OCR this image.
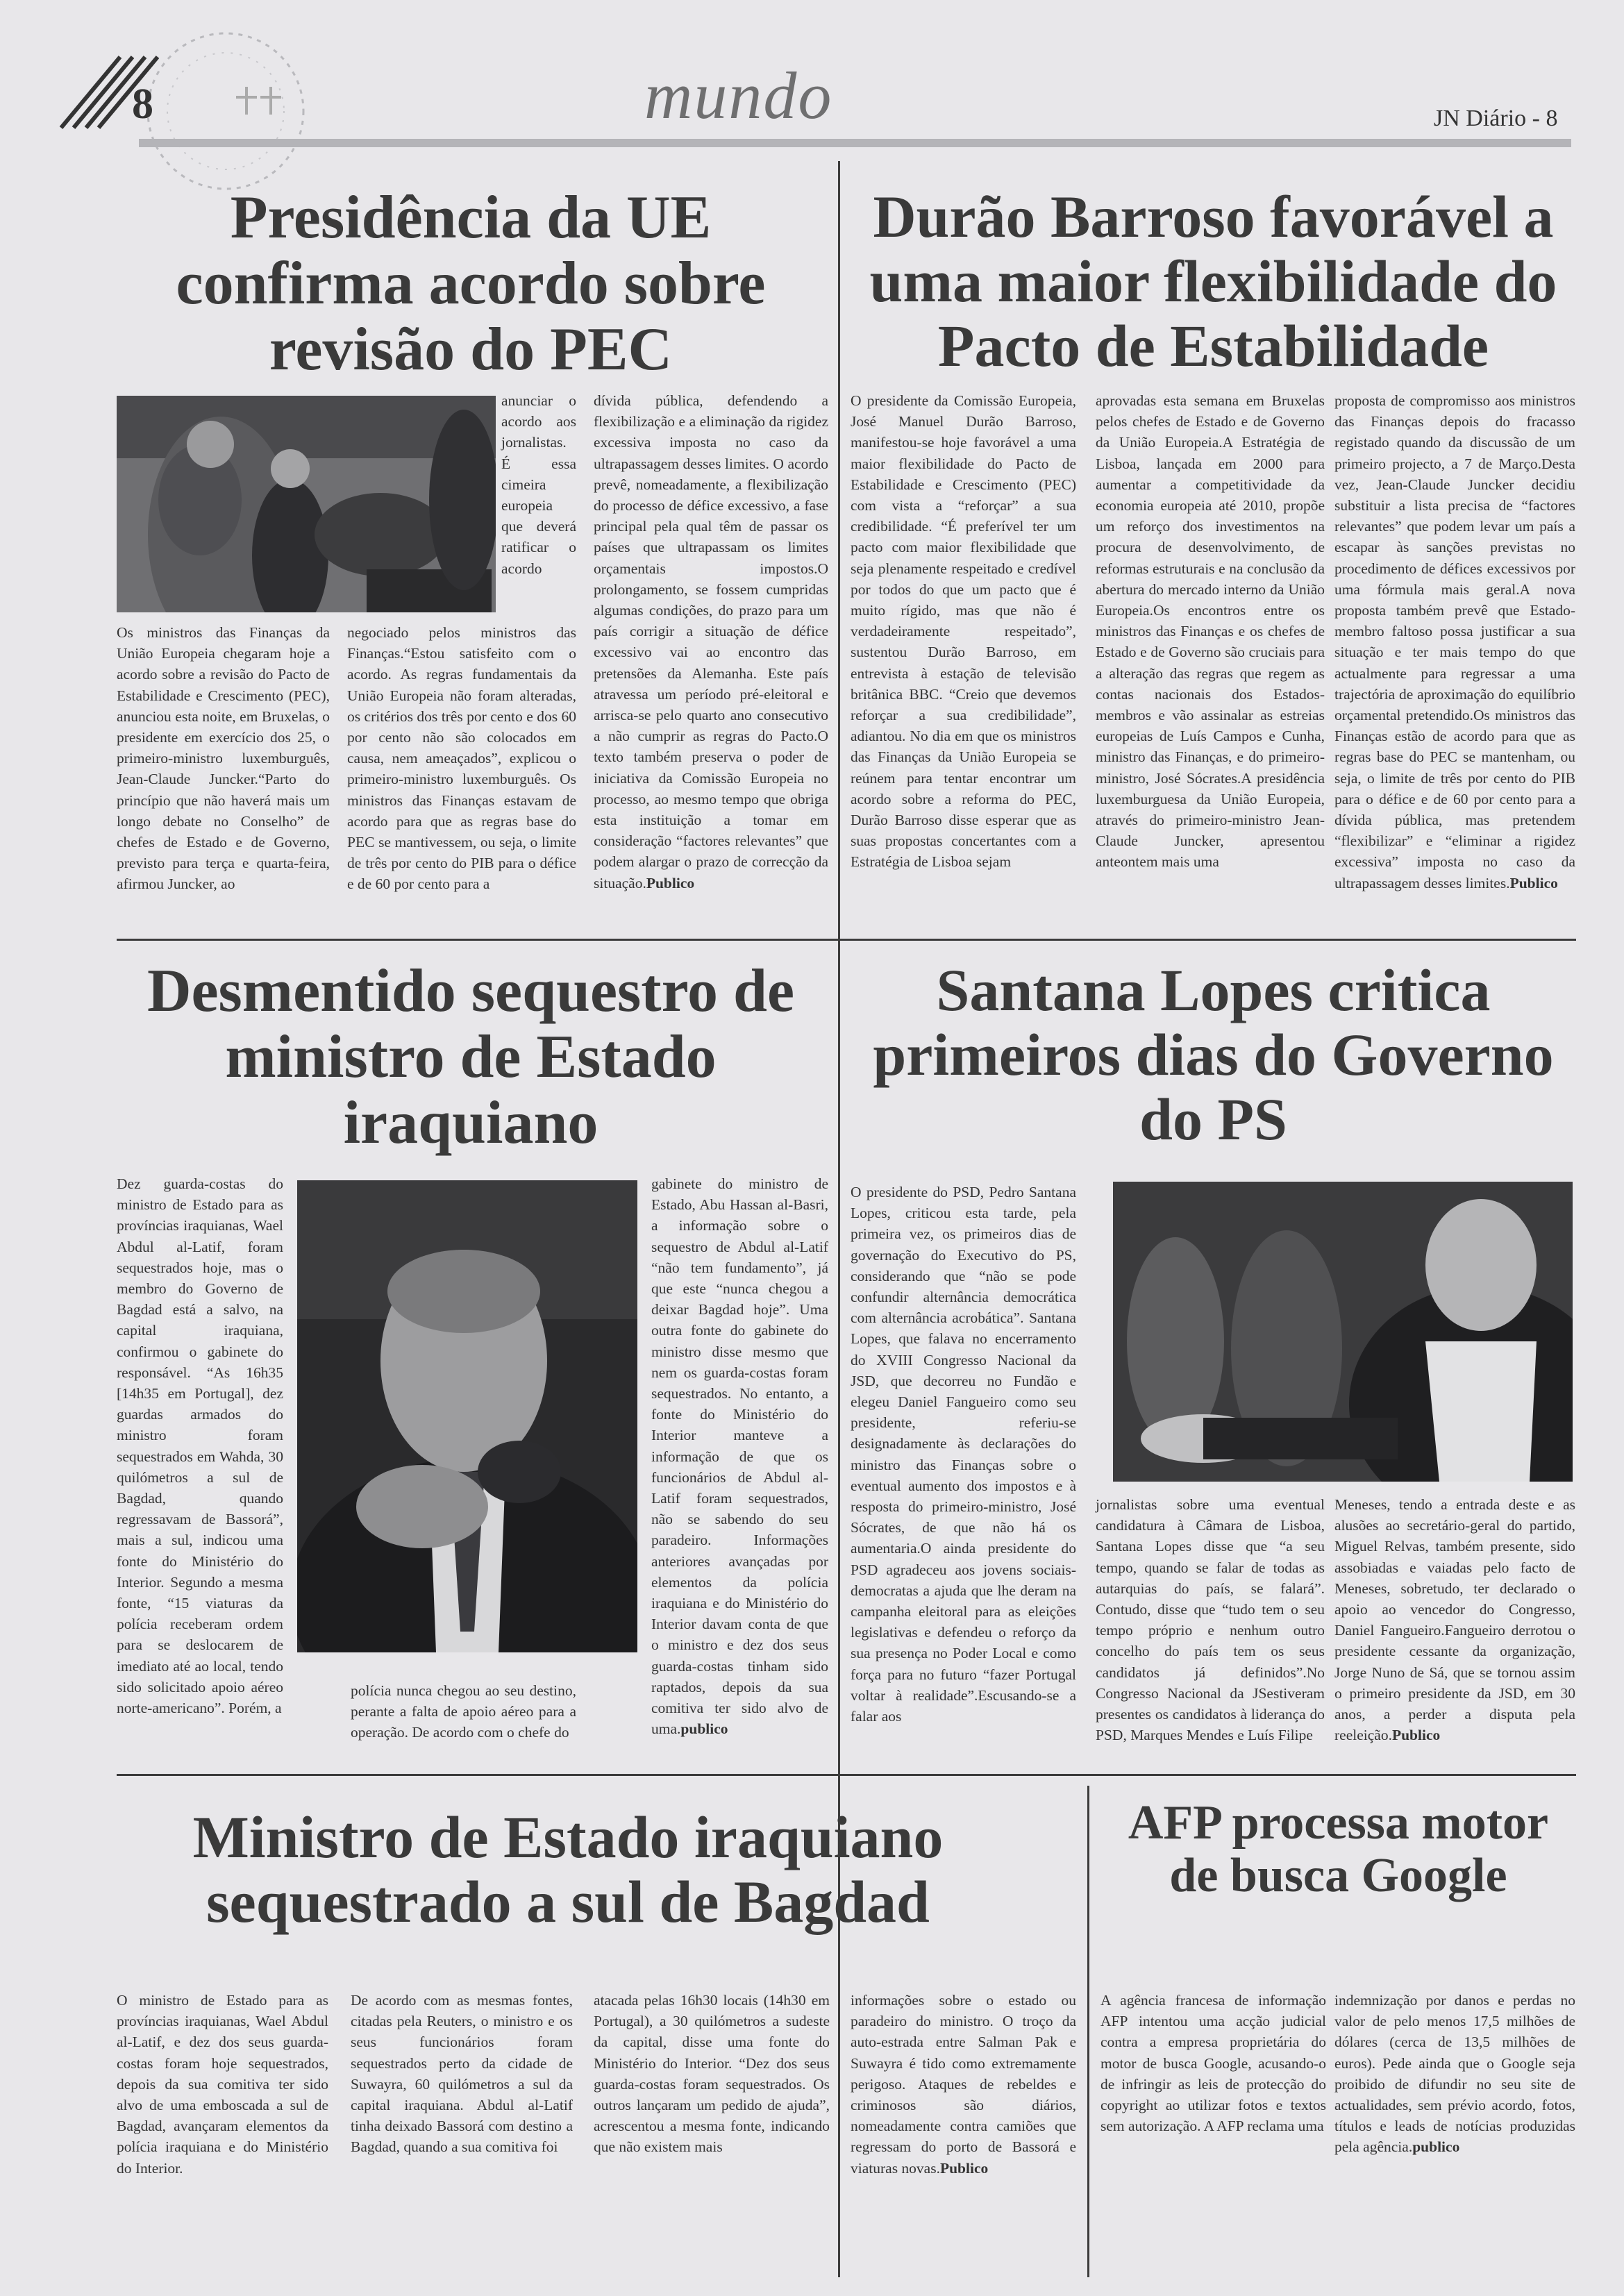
8	mundo	JN Diário - 8
Presidência da UE confirma acordo sobre revisão do PEC
anunciar o acordo aos jornalistas. É essa cimeira europeia que deverá ratificar o acordo
Os ministros das Finanças da União Europeia chegaram hoje a acordo sobre a revisão do Pacto de Estabilidade e Crescimento (PEC), anunciou esta noite, em Bruxelas, o presidente em exercício dos 25, o primeiro-ministro luxemburguês, Jean-Claude Juncker.“Parto do princípio que não haverá mais um longo debate no Conselho” de chefes de Estado e de Governo, previsto para terça e quarta-feira, afirmou Juncker, ao
negociado pelos ministros das Finanças.“Estou satisfeito com o acordo. As regras fundamentais da União Europeia não foram alteradas, os critérios dos três por cento e dos 60 por cento não são colocados em causa, nem ameaçados”, explicou o primeiro-ministro luxemburguês. Os ministros das Finanças estavam de acordo para que as regras base do PEC se mantivessem, ou seja, o limite de três por cento do PIB para o défice e de 60 por cento para a
dívida pública, defendendo a flexibilização e a eliminação da rigidez excessiva imposta no caso da ultrapassagem desses limites. O acordo prevê, nomeadamente, a flexibilização do processo de défice excessivo, a fase principal pela qual têm de passar os países que ultrapassam os limites orçamentais impostos.O prolongamento, se fossem cumpridas algumas condições, do prazo para um país corrigir a situação de défice excessivo vai ao encontro das pretensões da Alemanha. Este país atravessa um período pré-eleitoral e arrisca-se pelo quarto ano consecutivo a não cumprir as regras do Pacto.O texto também preserva o poder de iniciativa da Comissão Europeia no processo, ao mesmo tempo que obriga esta instituição a tomar em consideração “factores relevantes” que podem alargar o prazo de correcção da situação.Publico
Durão Barroso favorável a uma maior flexibilidade do Pacto de Estabilidade
O presidente da Comissão Europeia, José Manuel Durão Barroso, manifestou-se hoje favorável a uma maior flexibilidade do Pacto de Estabilidade e Crescimento (PEC) com vista a “reforçar” a sua credibilidade. “É preferível ter um pacto com maior flexibilidade que seja plenamente respeitado e credível por todos do que um pacto que é muito rígido, mas que não é verdadeiramente respeitado”, sustentou Durão Barroso, em entrevista à estação de televisão britânica BBC. “Creio que devemos reforçar a sua credibilidade”, adiantou. No dia em que os ministros das Finanças da União Europeia se reúnem para tentar encontrar um acordo sobre a reforma do PEC, Durão Barroso disse esperar que as suas propostas concertantes com a Estratégia de Lisboa sejam
aprovadas esta semana em Bruxelas pelos chefes de Estado e de Governo da União Europeia.A Estratégia de Lisboa, lançada em 2000 para aumentar a competitividade da economia europeia até 2010, propõe um reforço dos investimentos na procura de desenvolvimento, de reformas estruturais e na conclusão da abertura do mercado interno da União Europeia.Os encontros entre os ministros das Finanças e os chefes de Estado e de Governo são cruciais para a alteração das regras que regem as contas nacionais dos Estados-membros e vão assinalar as estreias europeias de Luís Campos e Cunha, ministro das Finanças, e do primeiro-ministro, José Sócrates.A presidência luxemburguesa da União Europeia, através do primeiro-ministro Jean-Claude Juncker, apresentou anteontem mais uma
proposta de compromisso aos ministros das Finanças depois do fracasso registado quando da discussão de um primeiro projecto, a 7 de Março.Desta vez, Jean-Claude Juncker decidiu substituir a lista precisa de “factores relevantes” que podem levar um país a escapar às sanções previstas no procedimento de défices excessivos por uma fórmula mais geral.A nova proposta também prevê que Estado-membro faltoso possa justificar a sua situação e ter mais tempo do que actualmente para regressar a uma trajectória de aproximação do equilíbrio orçamental pretendido.Os ministros das Finanças estão de acordo para que as regras base do PEC se mantenham, ou seja, o limite de três por cento do PIB para o défice e de 60 por cento para a dívida pública, mas pretendem “flexibilizar” e “eliminar a rigidez excessiva” imposta no caso da ultrapassagem desses limites.Publico
Desmentido sequestro de ministro de Estado iraquiano
Dez guarda-costas do ministro de Estado para as províncias iraquianas, Wael Abdul al-Latif, foram sequestrados hoje, mas o membro do Governo de Bagdad está a salvo, na capital iraquiana, confirmou o gabinete do responsável. “As 16h35 [14h35 em Portugal], dez guardas armados do ministro foram sequestrados em Wahda, 30 quilómetros a sul de Bagdad, quando regressavam de Bassorá”, mais a sul, indicou uma fonte do Ministério do Interior. Segundo a mesma fonte, “15 viaturas da polícia receberam ordem para se deslocarem de imediato até ao local, tendo sido solicitado apoio aéreo norte-americano”. Porém, a
polícia nunca chegou ao seu destino, perante a falta de apoio aéreo para a operação. De acordo com o chefe do
gabinete do ministro de Estado, Abu Hassan al-Basri, a informação sobre o sequestro de Abdul al-Latif “não tem fundamento”, já que este “nunca chegou a deixar Bagdad hoje”. Uma outra fonte do gabinete do ministro disse mesmo que nem os guarda-costas foram sequestrados. No entanto, a fonte do Ministério do Interior manteve a informação de que os funcionários de Abdul al-Latif foram sequestrados, não se sabendo do seu paradeiro. Informações anteriores avançadas por elementos da polícia iraquiana e do Ministério do Interior davam conta de que o ministro e dez dos seus guarda-costas tinham sido raptados, depois da sua comitiva ter sido alvo de uma.publico
Santana Lopes critica primeiros dias do Governo do PS
O presidente do PSD, Pedro Santana Lopes, criticou esta tarde, pela primeira vez, os primeiros dias de governação do Executivo do PS, considerando que “não se pode confundir alternância democrática com alternância acrobática”. Santana Lopes, que falava no encerramento do XVIII Congresso Nacional da JSD, que decorreu no Fundão e elegeu Daniel Fangueiro como seu presidente, referiu-se designadamente às declarações do ministro das Finanças sobre o eventual aumento dos impostos e à resposta do primeiro-ministro, José Sócrates, de que não há os aumentaria.O ainda presidente do PSD agradeceu aos jovens sociais-democratas a ajuda que lhe deram na campanha eleitoral para as eleições legislativas e defendeu o reforço da sua presença no Poder Local e como força para no futuro “fazer Portugal voltar à realidade”.Escusando-se a falar aos
jornalistas sobre uma eventual candidatura à Câmara de Lisboa, Santana Lopes disse que “a seu tempo, quando se falar de todas as autarquias do país, se falará”. Contudo, disse que “tudo tem o seu tempo próprio e nenhum outro concelho do país tem os seus candidatos já definidos”.No Congresso Nacional da JSestiveram presentes os candidatos à liderança do PSD, Marques Mendes e Luís Filipe
Meneses, tendo a entrada deste e as alusões ao secretário-geral do partido, Miguel Relvas, também presente, sido assobiadas e vaiadas pelo facto de Meneses, sobretudo, ter declarado o apoio ao vencedor do Congresso, Daniel Fangueiro.Fangueiro derrotou o presidente cessante da organização, Jorge Nuno de Sá, que se tornou assim o primeiro presidente da JSD, em 30 anos, a perder a disputa pela reeleição.Publico
Ministro de Estado iraquiano sequestrado a sul de Bagdad
O ministro de Estado para as províncias iraquianas, Wael Abdul al-Latif, e dez dos seus guarda-costas foram hoje sequestrados, depois da sua comitiva ter sido alvo de uma emboscada a sul de Bagdad, avançaram elementos da polícia iraquiana e do Ministério do Interior.
De acordo com as mesmas fontes, citadas pela Reuters, o ministro e os seus funcionários foram sequestrados perto da cidade de Suwayra, 60 quilómetros a sul da capital iraquiana. Abdul al-Latif tinha deixado Bassorá com destino a Bagdad, quando a sua comitiva foi
atacada pelas 16h30 locais (14h30 em Portugal), a 30 quilómetros a sudeste da capital, disse uma fonte do Ministério do Interior. “Dez dos seus guarda-costas foram sequestrados. Os outros lançaram um pedido de ajuda”, acrescentou a mesma fonte, indicando que não existem mais
informações sobre o estado ou paradeiro do ministro. O troço da auto-estrada entre Salman Pak e Suwayra é tido como extremamente perigoso. Ataques de rebeldes e criminosos são diários, nomeadamente contra camiões que regressam do porto de Bassorá e viaturas novas.Publico
AFP processa motor de busca Google
A agência francesa de informação AFP intentou uma acção judicial contra a empresa proprietária do motor de busca Google, acusando-o de infringir as leis de protecção do copyright ao utilizar fotos e textos sem autorização. A AFP reclama uma
indemnização por danos e perdas no valor de pelo menos 17,5 milhões de dólares (cerca de 13,5 milhões de euros). Pede ainda que o Google seja proibido de difundir no seu site de actualidades, sem prévio acordo, fotos, títulos e leads de notícias produzidas pela agência.publico
